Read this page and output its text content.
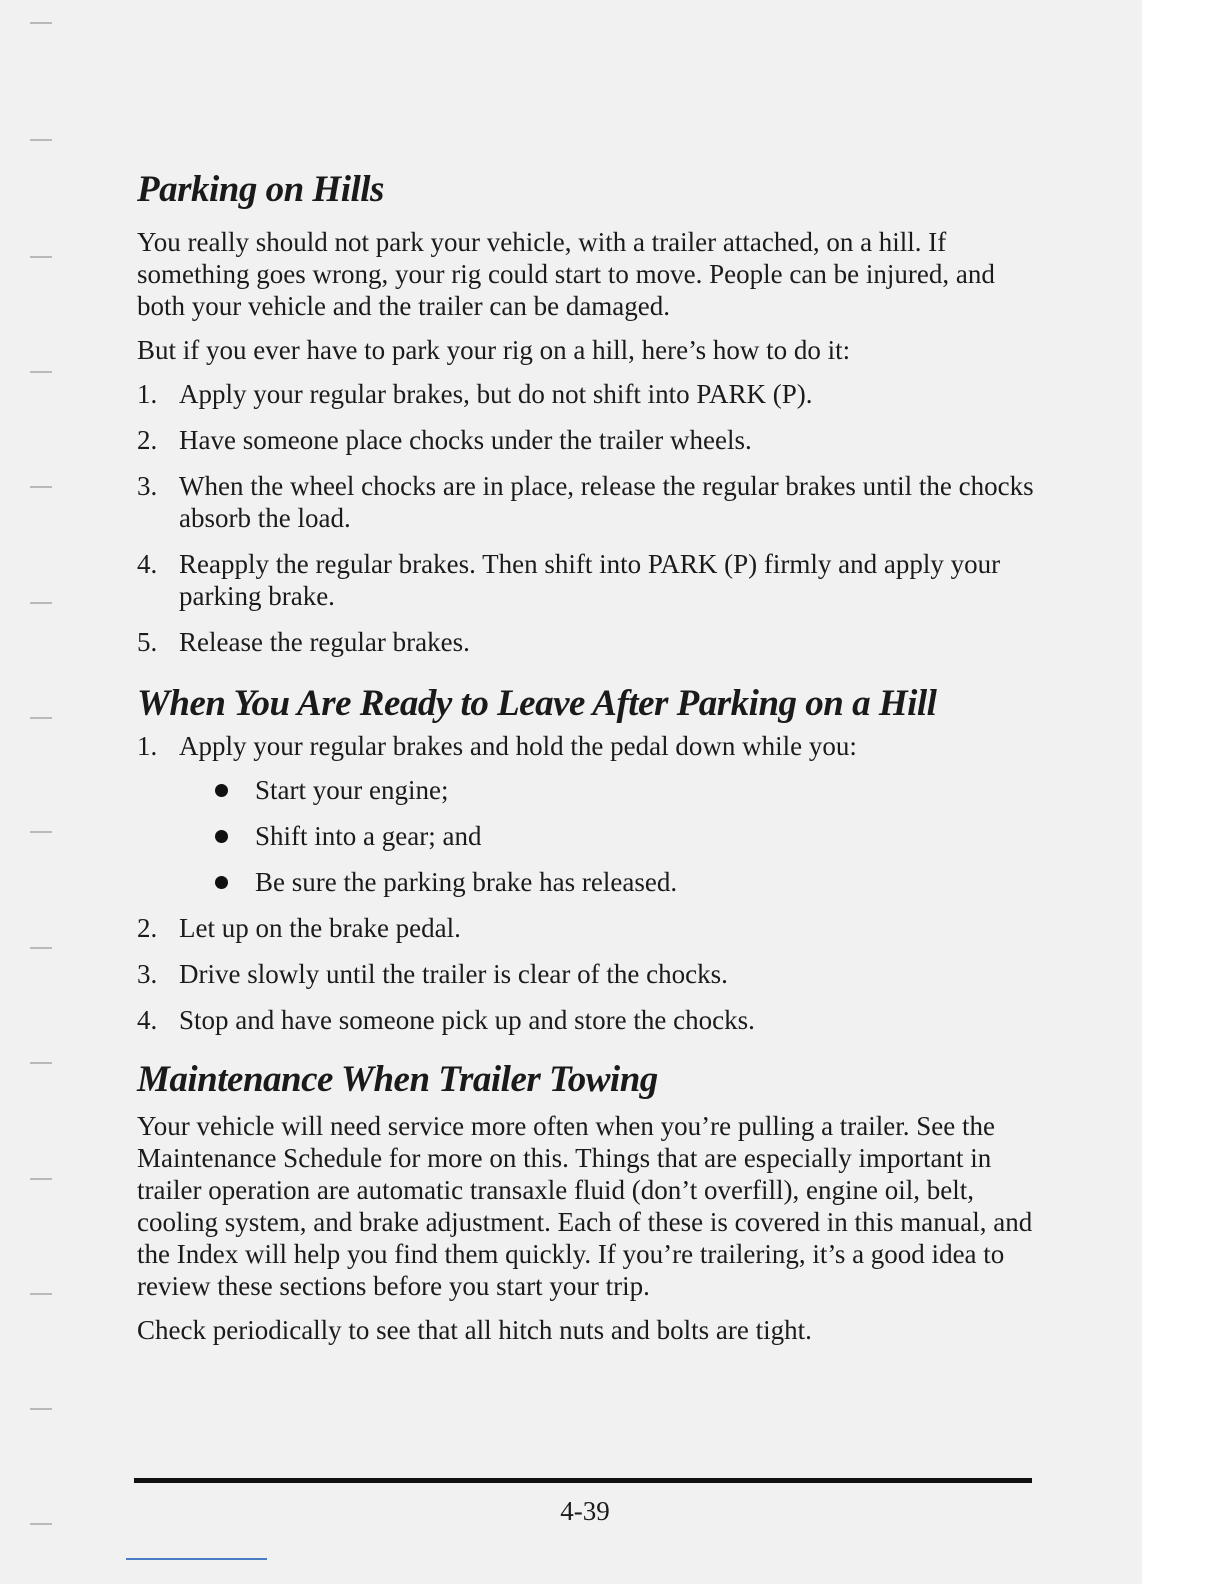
Parking on Hills

You really should not park your vehicle, with a trailer attached, on a hill. If something goes wrong, your rig could start to move. People can be injured, and both your vehicle and the trailer can be damaged.

But if you ever have to park your rig on a hill, here’s how to do it:

1. Apply your regular brakes, but do not shift into PARK (P).
2. Have someone place chocks under the trailer wheels.
3. When the wheel chocks are in place, release the regular brakes until the chocks absorb the load.
4. Reapply the regular brakes. Then shift into PARK (P) firmly and apply your parking brake.
5. Release the regular brakes.
When You Are Ready to Leave After Parking on a Hill
1. Apply your regular brakes and hold the pedal down while you:
Start your engine;
Shift into a gear; and
Be sure the parking brake has released.
2. Let up on the brake pedal.
3. Drive slowly until the trailer is clear of the chocks.
4. Stop and have someone pick up and store the chocks.
Maintenance When Trailer Towing

Your vehicle will need service more often when you’re pulling a trailer. See the Maintenance Schedule for more on this. Things that are especially important in trailer operation are automatic transaxle fluid (don’t overfill), engine oil, belt, cooling system, and brake adjustment. Each of these is covered in this manual, and the Index will help you find them quickly. If you’re trailering, it’s a good idea to review these sections before you start your trip.

Check periodically to see that all hitch nuts and bolts are tight.

4-39
